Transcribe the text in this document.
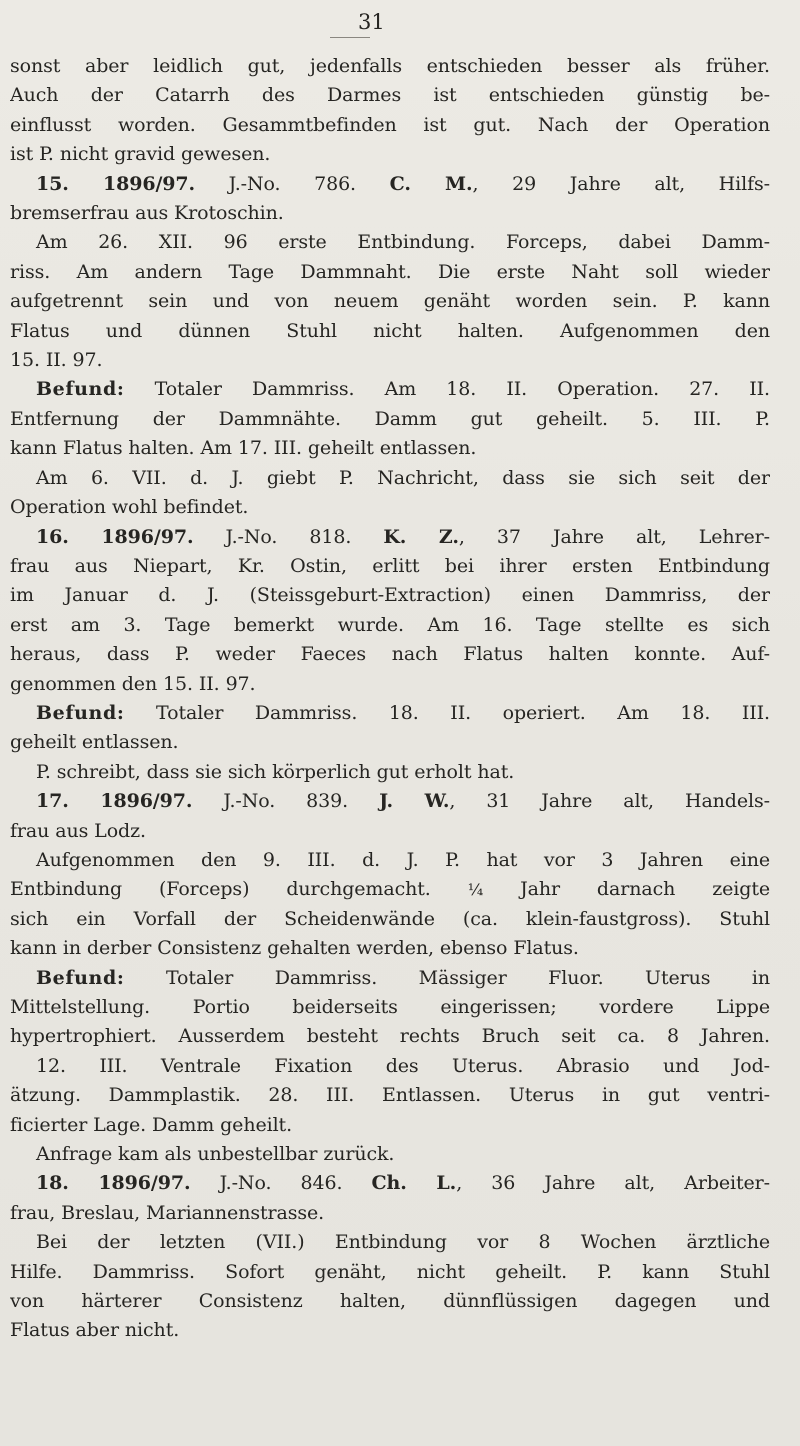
31
sonst aber leidlich gut, jedenfalls entschieden besser als früher.
Auch der Catarrh des Darmes ist entschieden günstig be-
einflusst worden. Gesammtbefinden ist gut. Nach der Operation
ist P. nicht gravid gewesen.
15. 1896/97. J.-No. 786. C. M., 29 Jahre alt, Hilfs-
bremserfrau aus Krotoschin.
Am 26. XII. 96 erste Entbindung. Forceps, dabei Damm-
riss. Am andern Tage Dammnaht. Die erste Naht soll wieder
aufgetrennt sein und von neuem genäht worden sein. P. kann
Flatus und dünnen Stuhl nicht halten. Aufgenommen den
15. II. 97.
Befund: Totaler Dammriss. Am 18. II. Operation. 27. II.
Entfernung der Dammnähte. Damm gut geheilt. 5. III. P.
kann Flatus halten. Am 17. III. geheilt entlassen.
Am 6. VII. d. J. giebt P. Nachricht, dass sie sich seit der
Operation wohl befindet.
16. 1896/97. J.-No. 818. K. Z., 37 Jahre alt, Lehrer-
frau aus Niepart, Kr. Ostin, erlitt bei ihrer ersten Entbindung
im Januar d. J. (Steissgeburt-Extraction) einen Dammriss, der
erst am 3. Tage bemerkt wurde. Am 16. Tage stellte es sich
heraus, dass P. weder Faeces nach Flatus halten konnte. Auf-
genommen den 15. II. 97.
Befund: Totaler Dammriss. 18. II. operiert. Am 18. III.
geheilt entlassen.
P. schreibt, dass sie sich körperlich gut erholt hat.
17. 1896/97. J.-No. 839. J. W., 31 Jahre alt, Handels-
frau aus Lodz.
Aufgenommen den 9. III. d. J. P. hat vor 3 Jahren eine
Entbindung (Forceps) durchgemacht. ¼ Jahr darnach zeigte
sich ein Vorfall der Scheidenwände (ca. klein-faustgross). Stuhl
kann in derber Consistenz gehalten werden, ebenso Flatus.
Befund: Totaler Dammriss. Mässiger Fluor. Uterus in
Mittelstellung. Portio beiderseits eingerissen; vordere Lippe
hypertrophiert. Ausserdem besteht rechts Bruch seit ca. 8 Jahren.
12. III. Ventrale Fixation des Uterus. Abrasio und Jod-
ätzung. Dammplastik. 28. III. Entlassen. Uterus in gut ventri-
ficierter Lage. Damm geheilt.
Anfrage kam als unbestellbar zurück.
18. 1896/97. J.-No. 846. Ch. L., 36 Jahre alt, Arbeiter-
frau, Breslau, Mariannenstrasse.
Bei der letzten (VII.) Entbindung vor 8 Wochen ärztliche
Hilfe. Dammriss. Sofort genäht, nicht geheilt. P. kann Stuhl
von härterer Consistenz halten, dünnflüssigen dagegen und
Flatus aber nicht.
